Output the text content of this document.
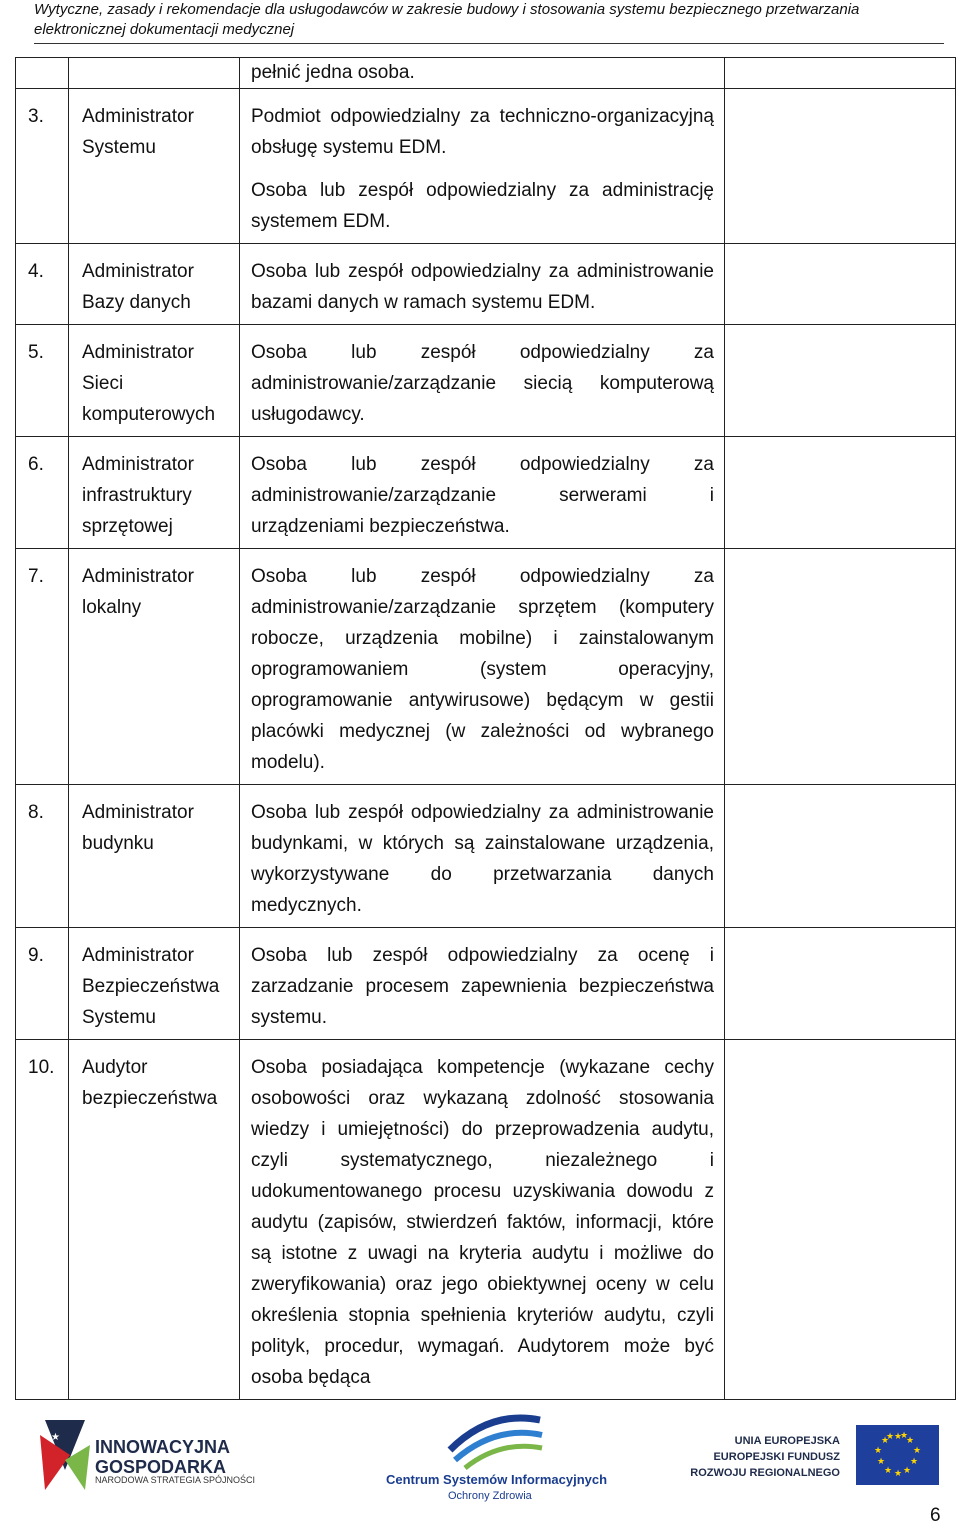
Wytyczne, zasady i rekomendacje dla usługodawców w zakresie budowy i stosowania systemu bezpiecznego przetwarzania elektronicznej dokumentacji medycznej

		pełnić jedna osoba.	

3.	Administrator Systemu	Podmiot odpowiedzialny za techniczno-organizacyjną obsługę systemu EDM.
Osoba lub zespół odpowiedzialny za administrację systemem EDM.	

4.	Administrator Bazy danych	Osoba lub zespół odpowiedzialny za administrowanie bazami danych w ramach systemu EDM.	

5.	Administrator Sieci komputerowych	Osoba lub zespół odpowiedzialny za administrowanie/zarządzanie siecią komputerową usługodawcy.	

6.	Administrator infrastruktury sprzętowej	Osoba lub zespół odpowiedzialny za administrowanie/zarządzanie serwerami i urządzeniami bezpieczeństwa.	

7.	Administrator lokalny	Osoba lub zespół odpowiedzialny za administrowanie/zarządzanie sprzętem (komputery robocze, urządzenia mobilne) i zainstalowanym oprogramowaniem (system operacyjny, oprogramowanie antywirusowe) będącym w gestii placówki medycznej (w zależności od wybranego modelu).	

8.	Administrator budynku	Osoba lub zespół odpowiedzialny za administrowanie budynkami, w których są zainstalowane urządzenia, wykorzystywane do przetwarzania danych medycznych.	

9.	Administrator Bezpieczeństwa Systemu	Osoba lub zespół odpowiedzialny za ocenę i zarzadzanie procesem zapewnienia bezpieczeństwa systemu.	

10.	Audytor bezpieczeństwa	Osoba posiadająca kompetencje (wykazane cechy osobowości oraz wykazaną zdolność stosowania wiedzy i umiejętności) do przeprowadzenia audytu, czyli systematycznego, niezależnego i udokumentowanego procesu uzyskiwania dowodu z audytu (zapisów, stwierdzeń faktów, informacji, które są istotne z uwagi na kryteria audytu i możliwe do zweryfikowania) oraz jego obiektywnej oceny w celu określenia stopnia spełnienia kryteriów audytu, czyli polityk, procedur, wymagań. Audytorem może być osoba będąca	

★ INNOWACYJNA
GOSPODARKA
NARODOWA STRATEGIA SPÓJNOŚCI	Centrum Systemów Informacyjnych
Ochrony Zdrowia
UNIA EUROPEJSKA
EUROPEJSKI FUNDUSZ
ROZWOJU REGIONALNEGO
★ ★
★
★
★
★
★
★
★
★
★ ★
6
